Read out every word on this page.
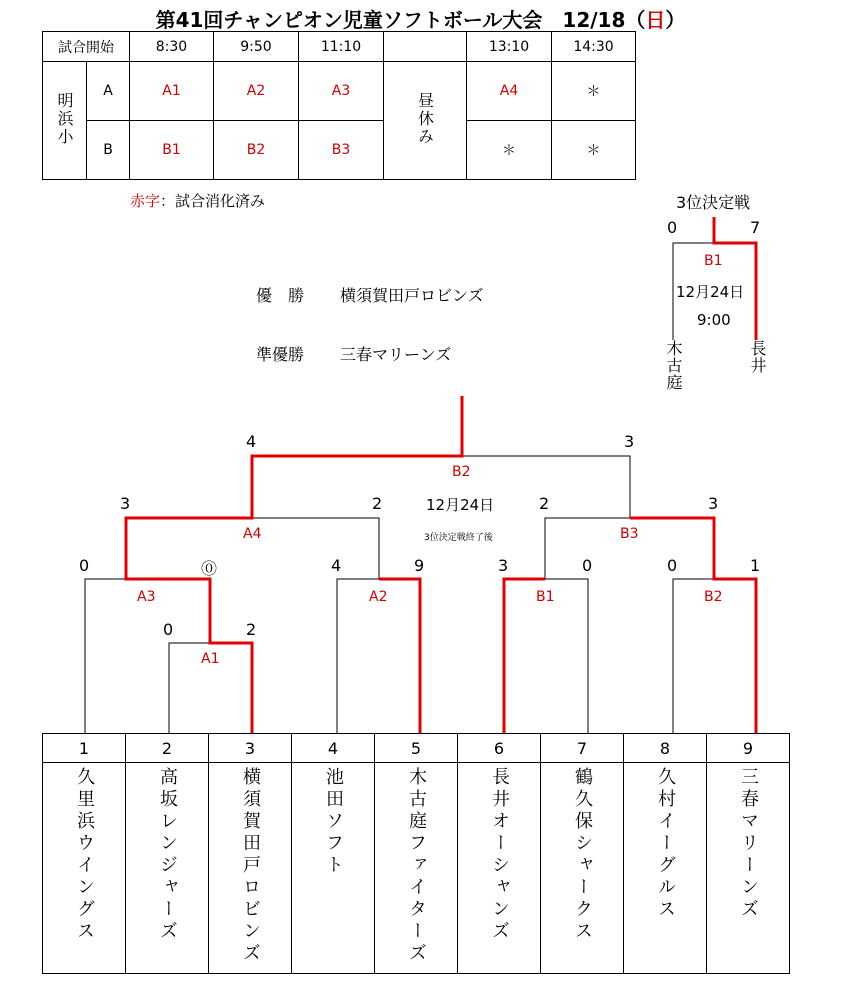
第41回チャンピオン児童ソフトボール大会　12/18（日）
試合開始		8:30	9:50	11:10		13:10	14:30
明浜小	A	A1	A2	A3	昼休み	A4	＊
	B	B1	B2	B3		＊	＊
赤字：試合消化済み
優　勝 横須賀田戸ロビンズ
準優勝 三春マリーンズ
3位決定戦
0	7
B1
12月24日
9:00
木古庭	長井
4	3
B2
12月24日
3位決定戦終了後
3	2
A4
2	3
B3
0	⓪
A3
4	9
A2
3	0
B1
0	1
B2
0	2
A1
1	2	3	4	5	6	7	8	9
久里浜ウイングス	高坂レンジャーズ	横須賀田戸ロビンズ	池田ソフト	木古庭ファイターズ	長井オーシャンズ	鶴久保シャークス	久村イーグルス	三春マリーンズ
